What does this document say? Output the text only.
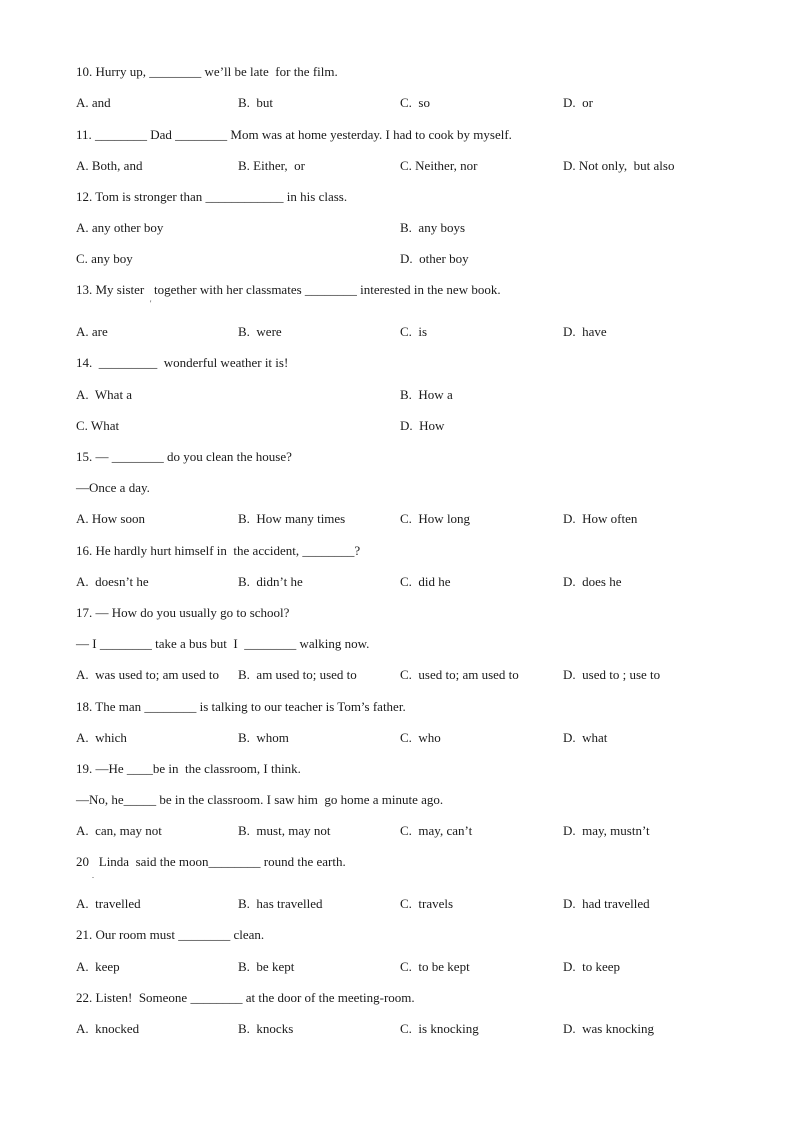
10. Hurry up, ________ we’ll be late  for the film.
A. and	B.  but	C.  so	D.  or
11. ________ Dad ________ Mom was at home yesterday. I had to cook by myself.
A. Both, and	B. Either,  or	C. Neither, nor	D. Not only,  but also
12. Tom is stronger than ____________ in his class.
A. any other boy	B.  any boys
C. any boy	D.  other boy
13. My sister   together with her classmates ________ interested in the new book.
'
A. are	B.  were	C.  is	D.  have
14.  _________  wonderful weather it is!
A.  What a	B.  How a
C. What	D.  How
15. — ________ do you clean the house?
—Once a day.
A. How soon	B.  How many times	C.  How long	D.  How often
16. He hardly hurt himself in  the accident, ________?
A.  doesn’t he	B.  didn’t he	C.  did he	D.  does he
17. — How do you usually go to school?
— I ________ take a bus but  I  ________ walking now.
A.  was used to; am used to B.  am used to; used to	C.  used to; am used to	D.  used to ; use to
18. The man ________ is talking to our teacher is Tom’s father.
A.  which	B.  whom	C.  who	D.  what
19. —He ____be in  the classroom, I think.
—No, he_____ be in the classroom. I saw him  go home a minute ago.
A.  can, may not	B.  must, may not	C.  may, can’t	D.  may, mustn’t
20   Linda  said the moon________ round the earth.
.
A.  travelled	B.  has travelled	C.  travels	D.  had travelled
21. Our room must ________ clean.
A.  keep	B.  be kept	C.  to be kept	D.  to keep
22. Listen!  Someone ________ at the door of the meeting-room.
A.  knocked	B.  knocks	C.  is knocking	D.  was knocking
